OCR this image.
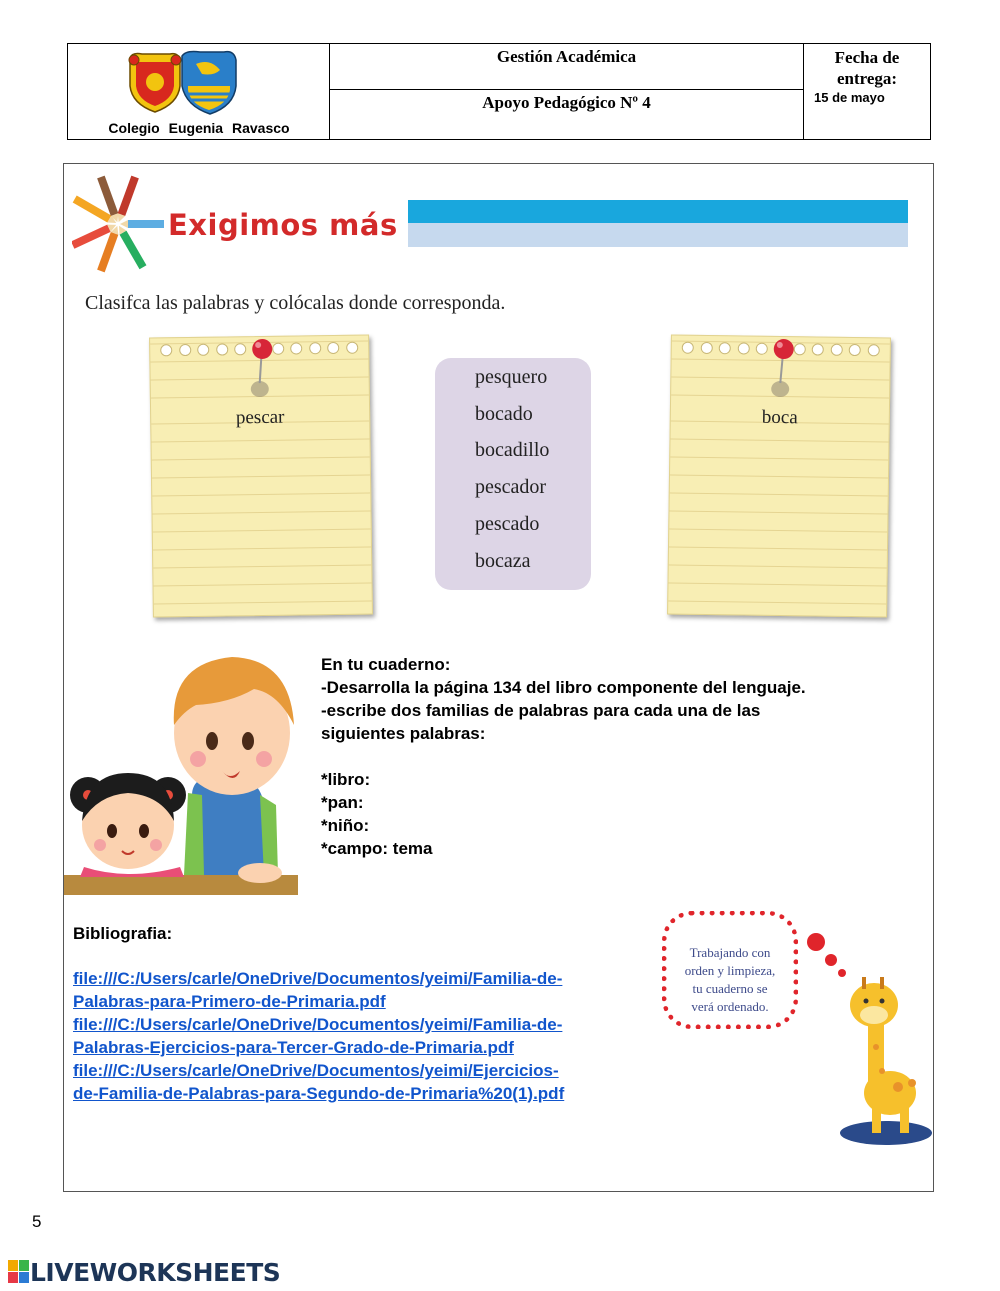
Colegio Eugenia Ravasco
Gestión Académica
Apoyo Pedagógico Nº 4
Fecha de
entrega:
15 de mayo
Exigimos más
Clasifca las palabras y colócalas donde corresponda.
pescar
pesquero
bocado
bocadillo
pescador
pescado
bocaza
boca
En tu cuaderno:
-Desarrolla la página 134 del libro componente del lenguaje.
-escribe dos familias de palabras para cada una de las
siguientes palabras:
*libro:
*pan:
*niño:
*campo: tema
Bibliografia:
file:///C:/Users/carle/OneDrive/Documentos/yeimi/Familia-de-
Palabras-para-Primero-de-Primaria.pdf
file:///C:/Users/carle/OneDrive/Documentos/yeimi/Familia-de-
Palabras-Ejercicios-para-Tercer-Grado-de-Primaria.pdf
file:///C:/Users/carle/OneDrive/Documentos/yeimi/Ejercicios-
de-Familia-de-Palabras-para-Segundo-de-Primaria%20(1).pdf
Trabajando con
orden y limpieza,
tu cuaderno se
verá ordenado.
5
LIVEWORKSHEETS
